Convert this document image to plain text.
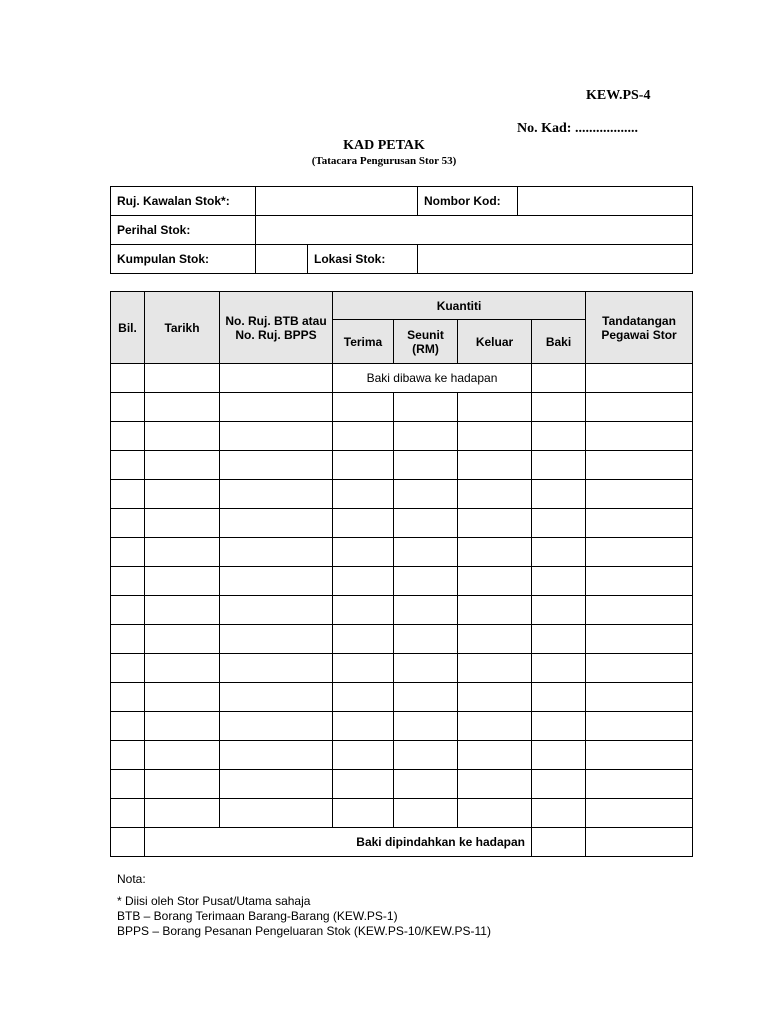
KEW.PS-4
No. Kad: ..................
KAD PETAK
(Tatacara Pengurusan Stor 53)
Ruj. Kawalan Stok*:			Nombor Kod:	
Perihal Stok:				
Kumpulan Stok:		Lokasi Stok:		
Bil.	Tarikh	No. Ruj. BTB atau No. Ruj. BPPS	Kuantiti				Tandatangan Pegawai Stor
			Terima	Seunit (RM)	Keluar	Baki	
			Baki dibawa ke hadapan				

	Baki dipindahkan ke hadapan						
Nota:
* Diisi oleh Stor Pusat/Utama sahaja
BTB – Borang Terimaan Barang-Barang (KEW.PS-1)
BPPS – Borang Pesanan Pengeluaran Stok (KEW.PS-10/KEW.PS-11)
